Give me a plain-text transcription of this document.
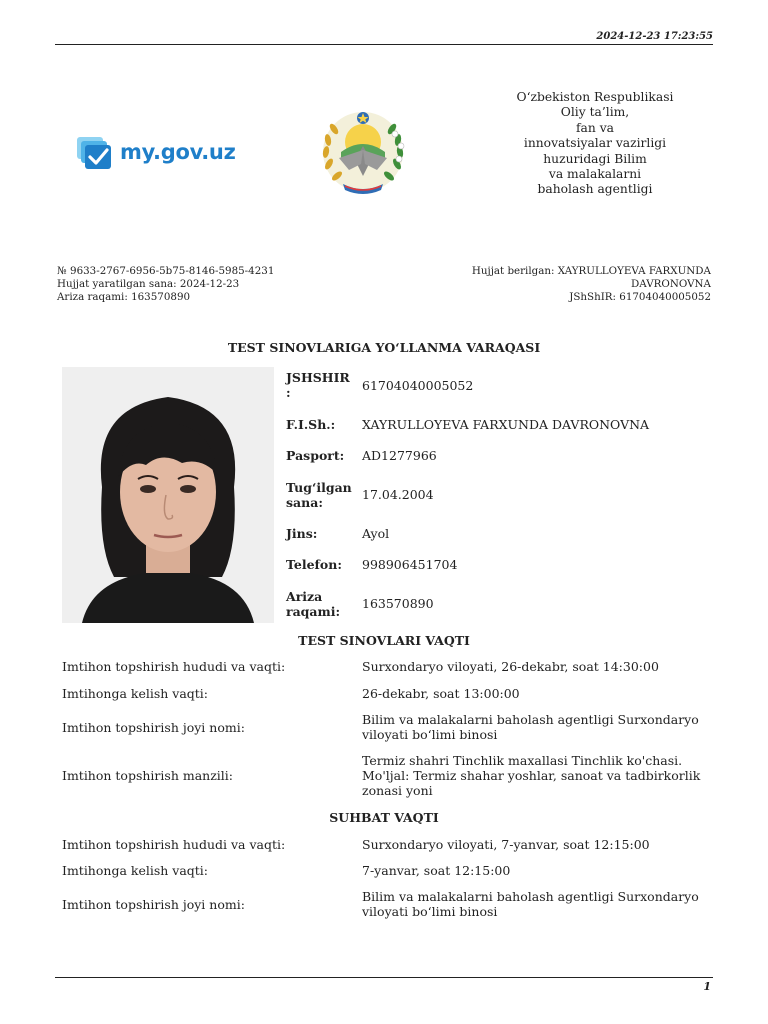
2024-12-23 17:23:55
my.gov.uz
O‘zbekiston Respublikasi
Oliy ta’lim,
fan va
innovatsiyalar vazirligi
huzuridagi Bilim
va malakalarni
baholash agentligi
№ 9633-2767-6956-5b75-8146-5985-4231
Hujjat yaratilgan sana: 2024-12-23
Ariza raqami: 163570890
Hujjat berilgan: XAYRULLOYEVA FARXUNDA
DAVRONOVNA
JShShIR: 61704040005052
TEST SINOVLARIGA YO‘LLANMA VARAQASI
JSHSHIR
:	61704040005052
F.I.Sh.:	XAYRULLOYEVA FARXUNDA DAVRONOVNA
Pasport:	AD1277966
Tug‘ilgan
sana:
17.04.2004
Jins:	Ayol
Telefon:	998906451704
Ariza
raqami:
163570890
TEST SINOVLARI VAQTI
Imtihon topshirish hududi va vaqti:	Surxondaryo viloyati, 26-dekabr, soat 14:30:00
Imtihonga kelish vaqti:	26-dekabr, soat 13:00:00
Imtihon topshirish joyi nomi:
Bilim va malakalarni baholash agentligi Surxondaryo
viloyati bo‘limi binosi
Imtihon topshirish manzili:
Termiz shahri Tinchlik maxallasi Tinchlik ko'chasi.
Mo'ljal: Termiz shahar yoshlar, sanoat va tadbirkorlik
zonasi yoni
SUHBAT VAQTI
Imtihon topshirish hududi va vaqti:	Surxondaryo viloyati, 7-yanvar, soat 12:15:00
Imtihonga kelish vaqti:	7-yanvar, soat 12:15:00
Imtihon topshirish joyi nomi:
Bilim va malakalarni baholash agentligi Surxondaryo
viloyati bo‘limi binosi
1
